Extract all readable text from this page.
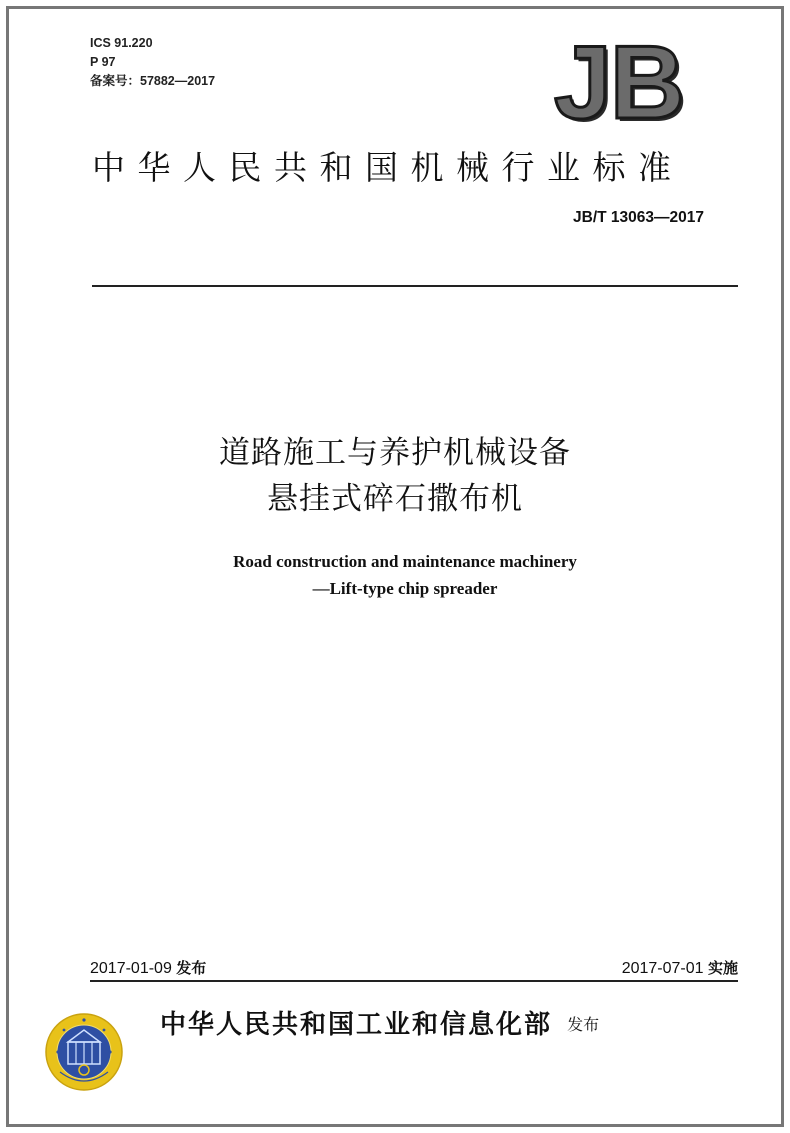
ICS 91.220
P 97
备案号：57882—2017	JB
中华人民共和国机械行业标准
JB/T 13063—2017
道路施工与养护机械设备
悬挂式碎石撒布机
Road construction and maintenance machinery
—Lift-type chip spreader
2017-01-09 发布	2017-07-01 实施
中华人民共和国工业和信息化部 发布
